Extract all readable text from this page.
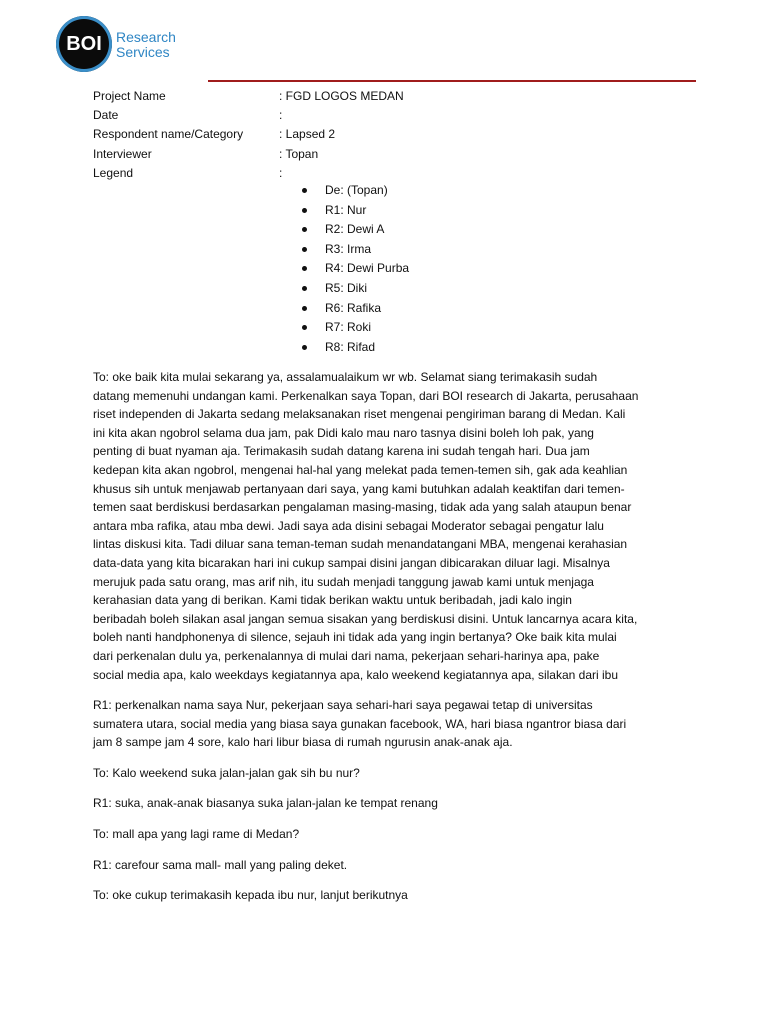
BOI Research
Services
Project Name	: FGD LOGOS MEDAN
Date	:
Respondent name/Category	: Lapsed 2
Interviewer	: Topan
Legend	:
De: (Topan)
R1: Nur
R2: Dewi A
R3: Irma
R4: Dewi Purba
R5: Diki
R6: Rafika
R7: Roki
R8: Rifad

To: oke baik kita mulai sekarang ya, assalamualaikum wr wb. Selamat siang terimakasih sudah
datang memenuhi undangan kami. Perkenalkan saya Topan, dari BOI research di Jakarta, perusahaan
riset independen di Jakarta sedang melaksanakan riset mengenai pengiriman barang di Medan. Kali
ini kita akan ngobrol selama dua jam, pak Didi kalo mau naro tasnya disini boleh loh pak, yang
penting di buat nyaman aja. Terimakasih sudah datang karena ini sudah tengah hari. Dua jam
kedepan kita akan ngobrol, mengenai hal-hal yang melekat pada temen-temen sih, gak ada keahlian
khusus sih untuk menjawab pertanyaan dari saya, yang kami butuhkan adalah keaktifan dari temen-
temen saat berdiskusi berdasarkan pengalaman masing-masing, tidak ada yang salah ataupun benar
antara mba rafika, atau mba dewi. Jadi saya ada disini sebagai Moderator sebagai pengatur lalu
lintas diskusi kita. Tadi diluar sana teman-teman sudah menandatangani MBA, mengenai kerahasian
data-data yang kita bicarakan hari ini cukup sampai disini jangan dibicarakan diluar lagi. Misalnya
merujuk pada satu orang, mas arif nih, itu sudah menjadi tanggung jawab kami untuk menjaga
kerahasian data yang di berikan. Kami tidak berikan waktu untuk beribadah, jadi kalo ingin
beribadah boleh silakan asal jangan semua sisakan yang berdiskusi disini. Untuk lancarnya acara kita,
boleh nanti handphonenya di silence, sejauh ini tidak ada yang ingin bertanya? Oke baik kita mulai
dari perkenalan dulu ya, perkenalannya di mulai dari nama, pekerjaan sehari-harinya apa, pake
social media apa, kalo weekdays kegiatannya apa, kalo weekend kegiatannya apa, silakan dari ibu

R1: perkenalkan nama saya Nur, pekerjaan saya sehari-hari saya pegawai tetap di universitas
sumatera utara, social media yang biasa saya gunakan facebook, WA, hari biasa ngantror biasa dari
jam 8 sampe jam 4 sore, kalo hari libur biasa di rumah ngurusin anak-anak aja.

To: Kalo weekend suka jalan-jalan gak sih bu nur?

R1: suka, anak-anak biasanya suka jalan-jalan ke tempat renang

To: mall apa yang lagi rame di Medan?

R1: carefour sama mall- mall yang paling deket.

To: oke cukup terimakasih kepada ibu nur, lanjut berikutnya
